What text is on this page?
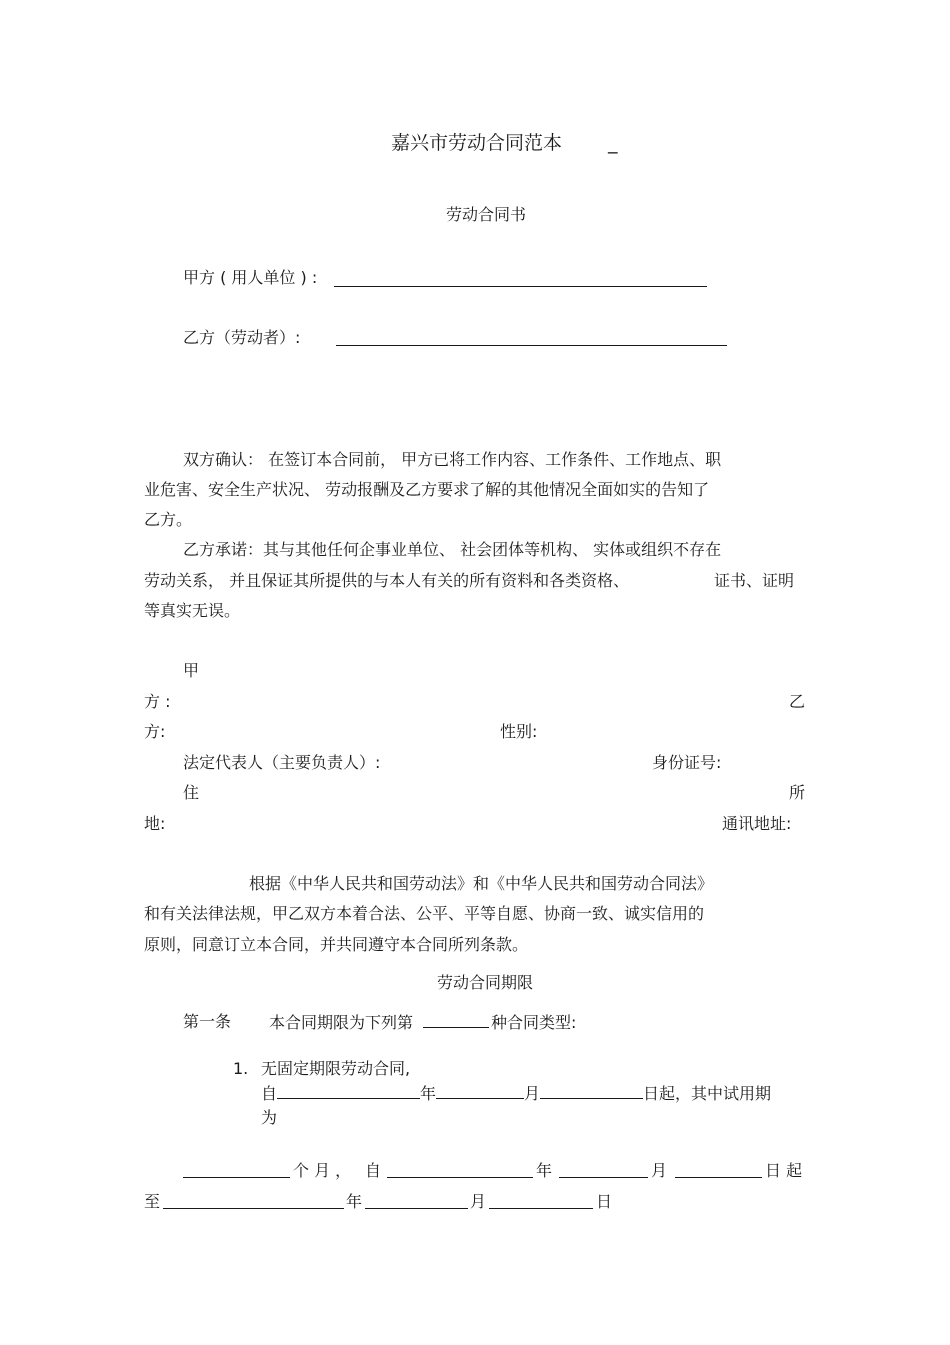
嘉兴市劳动合同范本 _
劳动合同书
甲方 ( 用人单位 ) :
乙方（劳动者）:
双方确认： 在签订本合同前， 甲方已将工作内容、工作条件、工作地点、职
业危害、安全生产状况、 劳动报酬及乙方要求了解的其他情况全面如实的告知了
乙方。
乙方承诺：其与其他任何企事业单位、 社会团体等机构、 实体或组织不存在
劳动关系， 并且保证其所提供的与本人有关的所有资料和各类资格、	证书、证明
等真实无误。
甲
方 :	乙
方:	性别:
法定代表人（主要负责人）:	身份证号:
住	所
地:	通讯地址:
根据《中华人民共和国劳动法》和《中华人民共和国劳动合同法》
和有关法律法规，甲乙双方本着合法、公平、平等自愿、协商一致、诚实信用的
原则，同意订立本合同，并共同遵守本合同所列条款。
劳动合同期限
第一条 本合同期限为下列第	种合同类型:
1. 无固定期限劳动合同,
自	年	月	日起，其中试用期
为
个 月 ， 自	年	月	日 起
至	年	月	日
